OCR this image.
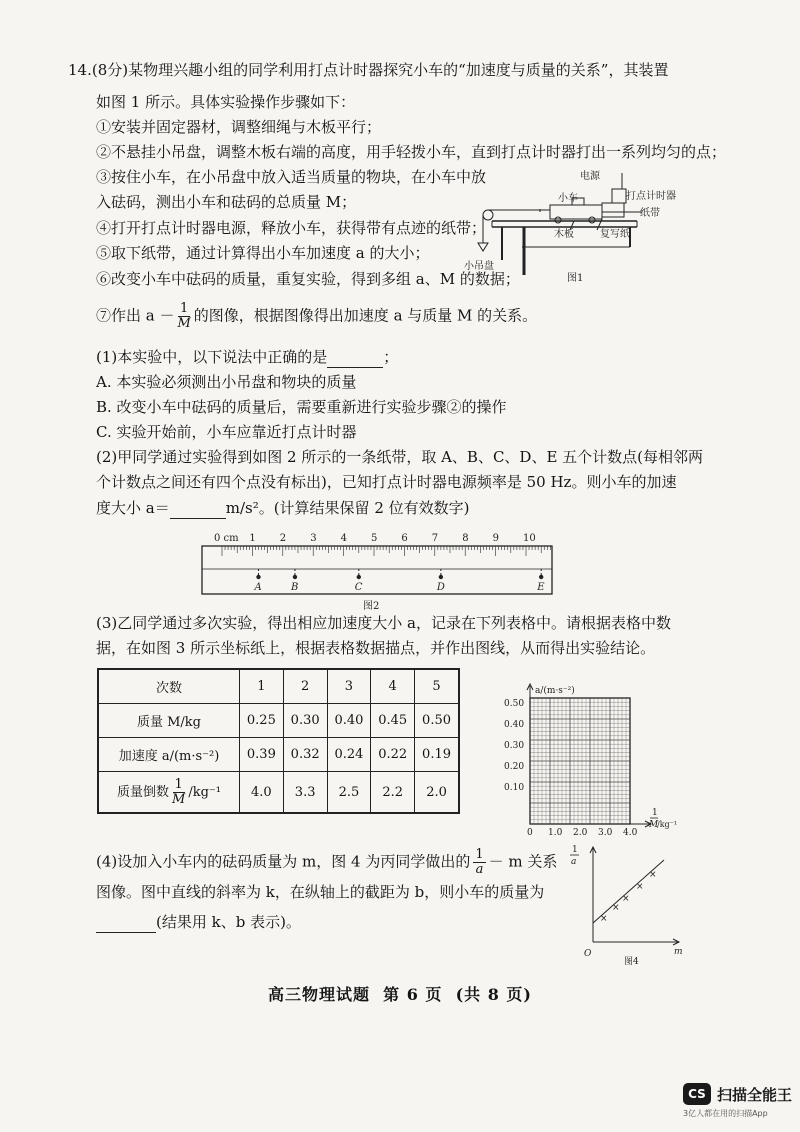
14.(8分)某物理兴趣小组的同学利用打点计时器探究小车的“加速度与质量的关系”，其装置
如图 1 所示。具体实验操作步骤如下：
①安装并固定器材，调整细绳与木板平行；
②不悬挂小吊盘，调整木板右端的高度，用手轻拨小车，直到打点计时器打出一系列均匀的点；
③按住小车，在小吊盘中放入适当质量的物块，在小车中放
入砝码，测出小车和砝码的总质量 M；
④打开打点计时器电源，释放小车，获得带有点迹的纸带；
⑤取下纸带，通过计算得出小车加速度 a 的大小；
⑥改变小车中砝码的质量，重复实验，得到多组 a、M 的数据；
⑦作出 $a - \frac{1}{M}$ 的图像，根据图像得出加速度 a 与质量 M 的关系。
电源
小车	打点计时器
纸带
木板	复写纸
小吊盘
图1
(1)本实验中，以下说法中正确的是	；
A. 本实验必须测出小吊盘和物块的质量
B. 改变小车中砝码的质量后，需要重新进行实验步骤②的操作
C. 实验开始前，小车应靠近打点计时器
(2)甲同学通过实验得到如图 2 所示的一条纸带，取 A、B、C、D、E 五个计数点(每相邻两
个计数点之间还有四个点没有标出)，已知打点计时器电源频率是 50 Hz。则小车的加速
度大小 a＝	m/s²。(计算结果保留 2 位有效数字)
0 cm 1 2 3 4 5 6 7 8 9 10
A	B	C	D	E
图2
(3)乙同学通过多次实验，得出相应加速度大小 a，记录在下列表格中。请根据表格中数
据，在如图 3 所示坐标纸上，根据表格数据描点，并作出图线，从而得出实验结论。
次数	1	2	3	4	5
质量 M/kg	0.25	0.30	0.40	0.45	0.50
加速度 a/(m·s⁻²)	0.39	0.32	0.24	0.22	0.19
质量倒数 $\frac{1}{M} /kg^{-1}$	4.0	3.3	2.5	2.2	2.0
a/(m·s⁻²)
0.50
0.40
0.30
0.20
0.10
0 1.0 2.0 3.0 4.0
1
M
/kg⁻¹
(4)设加入小车内的砝码质量为 m，图 4 为丙同学做出的 $\frac{1}{a} - m$ 关系
图像。图中直线的斜率为 k，在纵轴上的截距为 b，则小车的质量为
(结果用 k、b 表示)。
1
a
×
×
×
×
×
O	m
图4
高三物理试题 第 6 页 (共 8 页)
CS 扫描全能王
3亿人都在用的扫描App
